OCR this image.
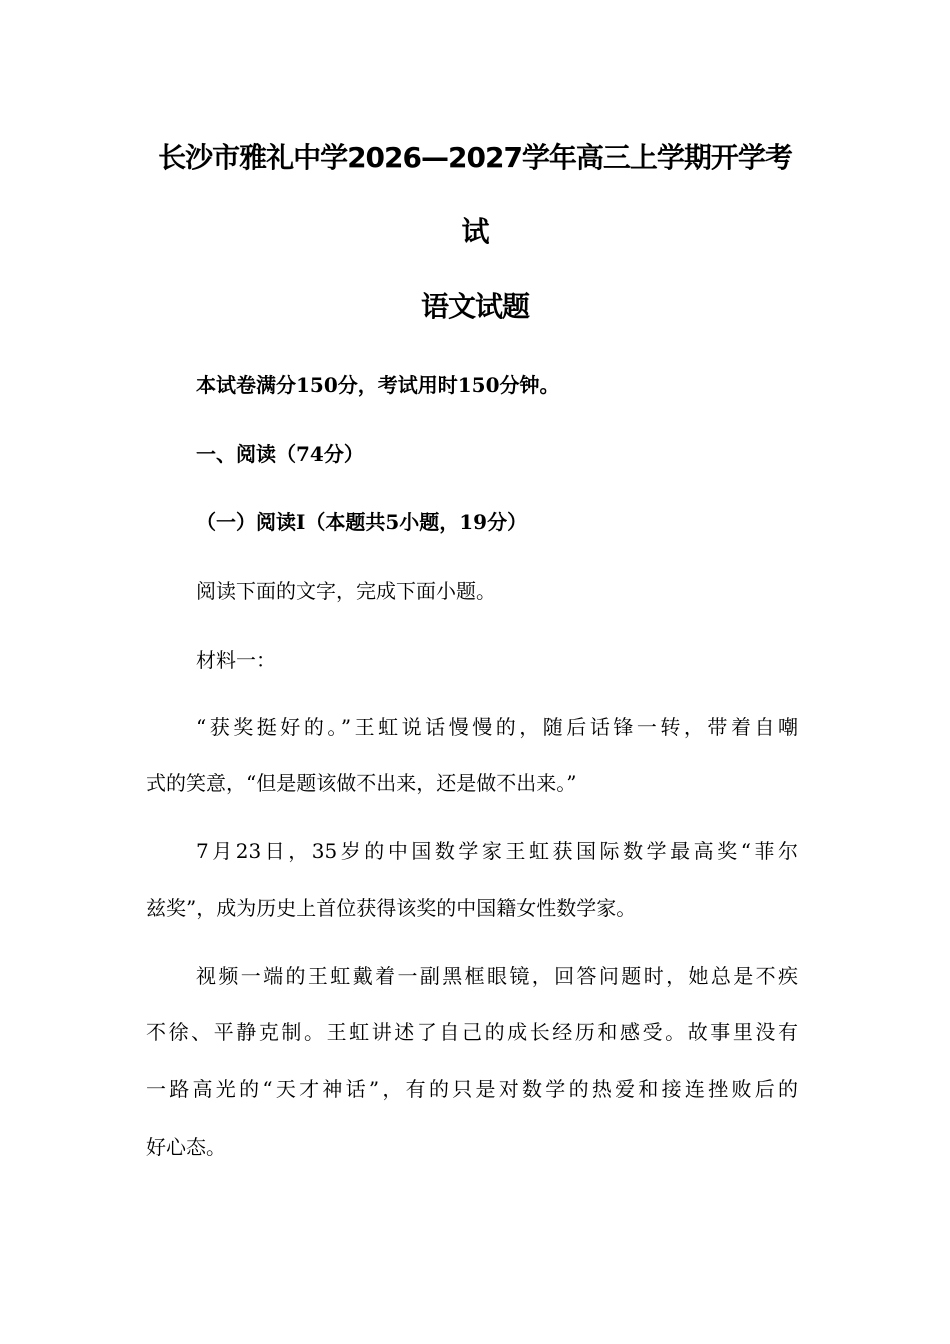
长沙市雅礼中学2026—2027学年高三上学期开学考
试
语文试题

本试卷满分150分，考试用时150分钟。

一、阅读（74分）

（一）阅读Ⅰ（本题共5小题，19分）

阅读下面的文字，完成下面小题。

材料一：

“获奖挺好的。”王虹说话慢慢的，随后话锋一转，带着自嘲

式的笑意，“但是题该做不出来，还是做不出来。”

7月23日，35岁的中国数学家王虹获国际数学最高奖“菲尔

兹奖”，成为历史上首位获得该奖的中国籍女性数学家。

视频一端的王虹戴着一副黑框眼镜，回答问题时，她总是不疾

不徐、平静克制。王虹讲述了自己的成长经历和感受。故事里没有

一路高光的“天才神话”，有的只是对数学的热爱和接连挫败后的

好心态。
